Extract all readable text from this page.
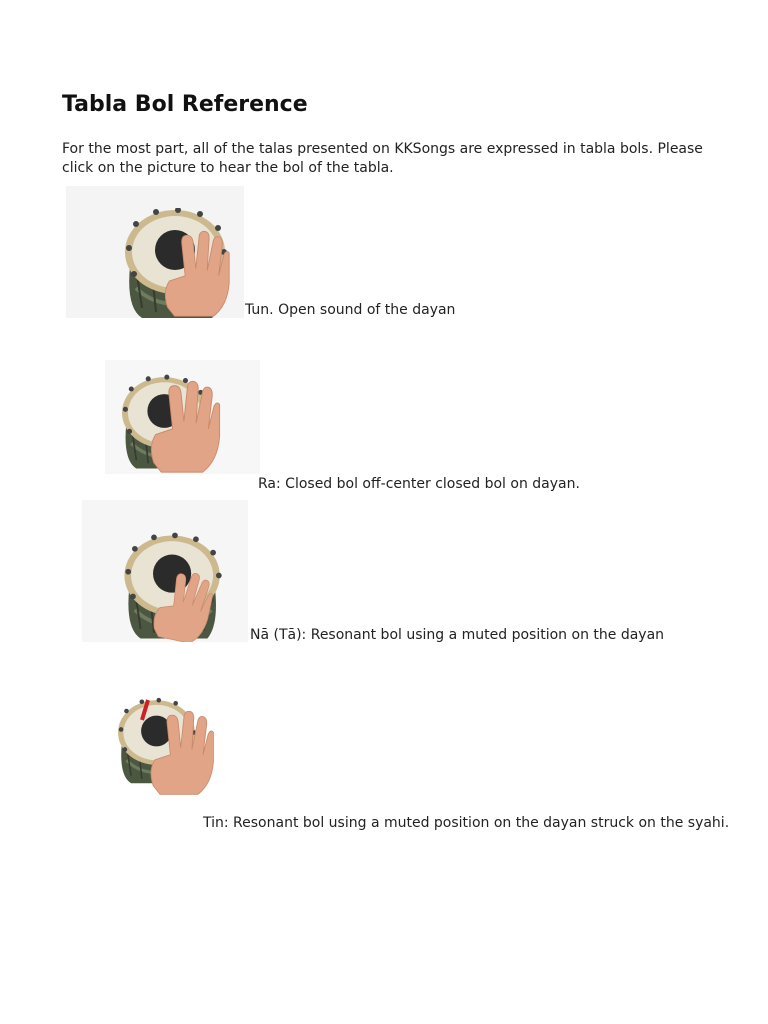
Tabla Bol Reference
For the most part, all of the talas presented on KKSongs are expressed in tabla bols. Please click on the picture to hear the bol of the tabla.
Tun. Open sound of the dayan
Ra: Closed bol off-center closed bol on dayan.
Nā (Tā): Resonant bol using a muted position on the dayan
Tin: Resonant bol using a muted position on the dayan struck on the syahi.
